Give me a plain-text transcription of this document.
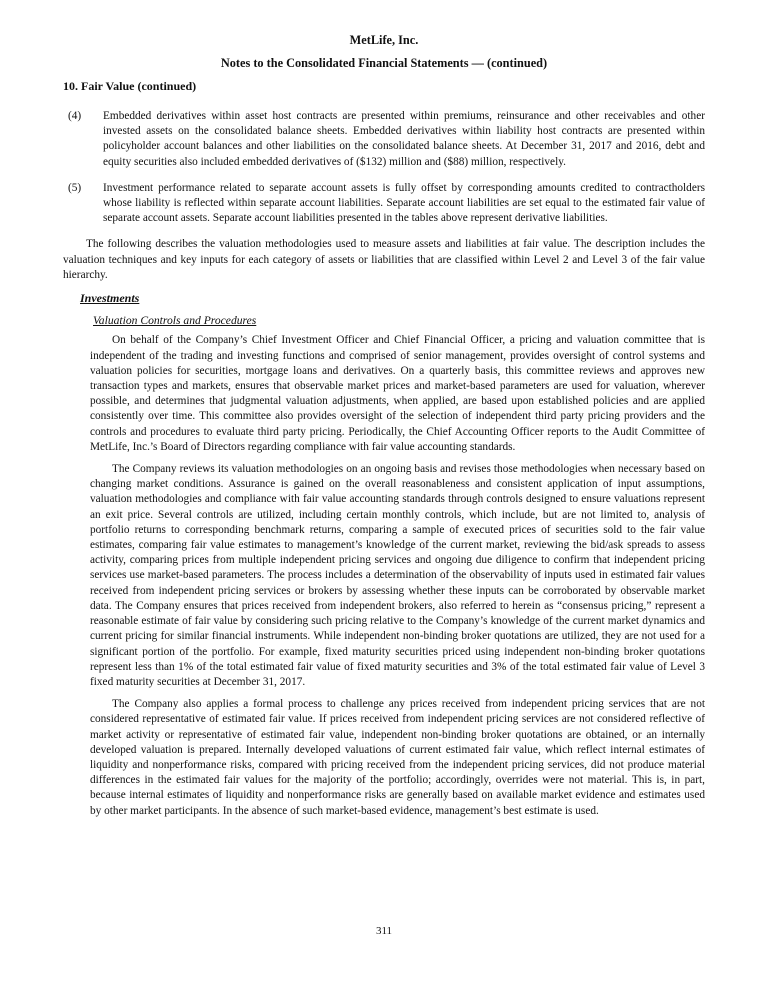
MetLife, Inc.
Notes to the Consolidated Financial Statements — (continued)
10. Fair Value (continued)
(4) Embedded derivatives within asset host contracts are presented within premiums, reinsurance and other receivables and other invested assets on the consolidated balance sheets. Embedded derivatives within liability host contracts are presented within policyholder account balances and other liabilities on the consolidated balance sheets. At December 31, 2017 and 2016, debt and equity securities also included embedded derivatives of ($132) million and ($88) million, respectively.
(5) Investment performance related to separate account assets is fully offset by corresponding amounts credited to contractholders whose liability is reflected within separate account liabilities. Separate account liabilities are set equal to the estimated fair value of separate account assets. Separate account liabilities presented in the tables above represent derivative liabilities.

The following describes the valuation methodologies used to measure assets and liabilities at fair value. The description includes the valuation techniques and key inputs for each category of assets or liabilities that are classified within Level 2 and Level 3 of the fair value hierarchy.

Investments
Valuation Controls and Procedures

On behalf of the Company’s Chief Investment Officer and Chief Financial Officer, a pricing and valuation committee that is independent of the trading and investing functions and comprised of senior management, provides oversight of control systems and valuation policies for securities, mortgage loans and derivatives. On a quarterly basis, this committee reviews and approves new transaction types and markets, ensures that observable market prices and market-based parameters are used for valuation, wherever possible, and determines that judgmental valuation adjustments, when applied, are based upon established policies and are applied consistently over time. This committee also provides oversight of the selection of independent third party pricing providers and the controls and procedures to evaluate third party pricing. Periodically, the Chief Accounting Officer reports to the Audit Committee of MetLife, Inc.’s Board of Directors regarding compliance with fair value accounting standards.

The Company reviews its valuation methodologies on an ongoing basis and revises those methodologies when necessary based on changing market conditions. Assurance is gained on the overall reasonableness and consistent application of input assumptions, valuation methodologies and compliance with fair value accounting standards through controls designed to ensure valuations represent an exit price. Several controls are utilized, including certain monthly controls, which include, but are not limited to, analysis of portfolio returns to corresponding benchmark returns, comparing a sample of executed prices of securities sold to the fair value estimates, comparing fair value estimates to management’s knowledge of the current market, reviewing the bid/ask spreads to assess activity, comparing prices from multiple independent pricing services and ongoing due diligence to confirm that independent pricing services use market-based parameters. The process includes a determination of the observability of inputs used in estimated fair values received from independent pricing services or brokers by assessing whether these inputs can be corroborated by observable market data. The Company ensures that prices received from independent brokers, also referred to herein as “consensus pricing,” represent a reasonable estimate of fair value by considering such pricing relative to the Company’s knowledge of the current market dynamics and current pricing for similar financial instruments. While independent non-binding broker quotations are utilized, they are not used for a significant portion of the portfolio. For example, fixed maturity securities priced using independent non-binding broker quotations represent less than 1% of the total estimated fair value of fixed maturity securities and 3% of the total estimated fair value of Level 3 fixed maturity securities at December 31, 2017.

The Company also applies a formal process to challenge any prices received from independent pricing services that are not considered representative of estimated fair value. If prices received from independent pricing services are not considered reflective of market activity or representative of estimated fair value, independent non-binding broker quotations are obtained, or an internally developed valuation is prepared. Internally developed valuations of current estimated fair value, which reflect internal estimates of liquidity and nonperformance risks, compared with pricing received from the independent pricing services, did not produce material differences in the estimated fair values for the majority of the portfolio; accordingly, overrides were not material. This is, in part, because internal estimates of liquidity and nonperformance risks are generally based on available market evidence and estimates used by other market participants. In the absence of such market-based evidence, management’s best estimate is used.

311
